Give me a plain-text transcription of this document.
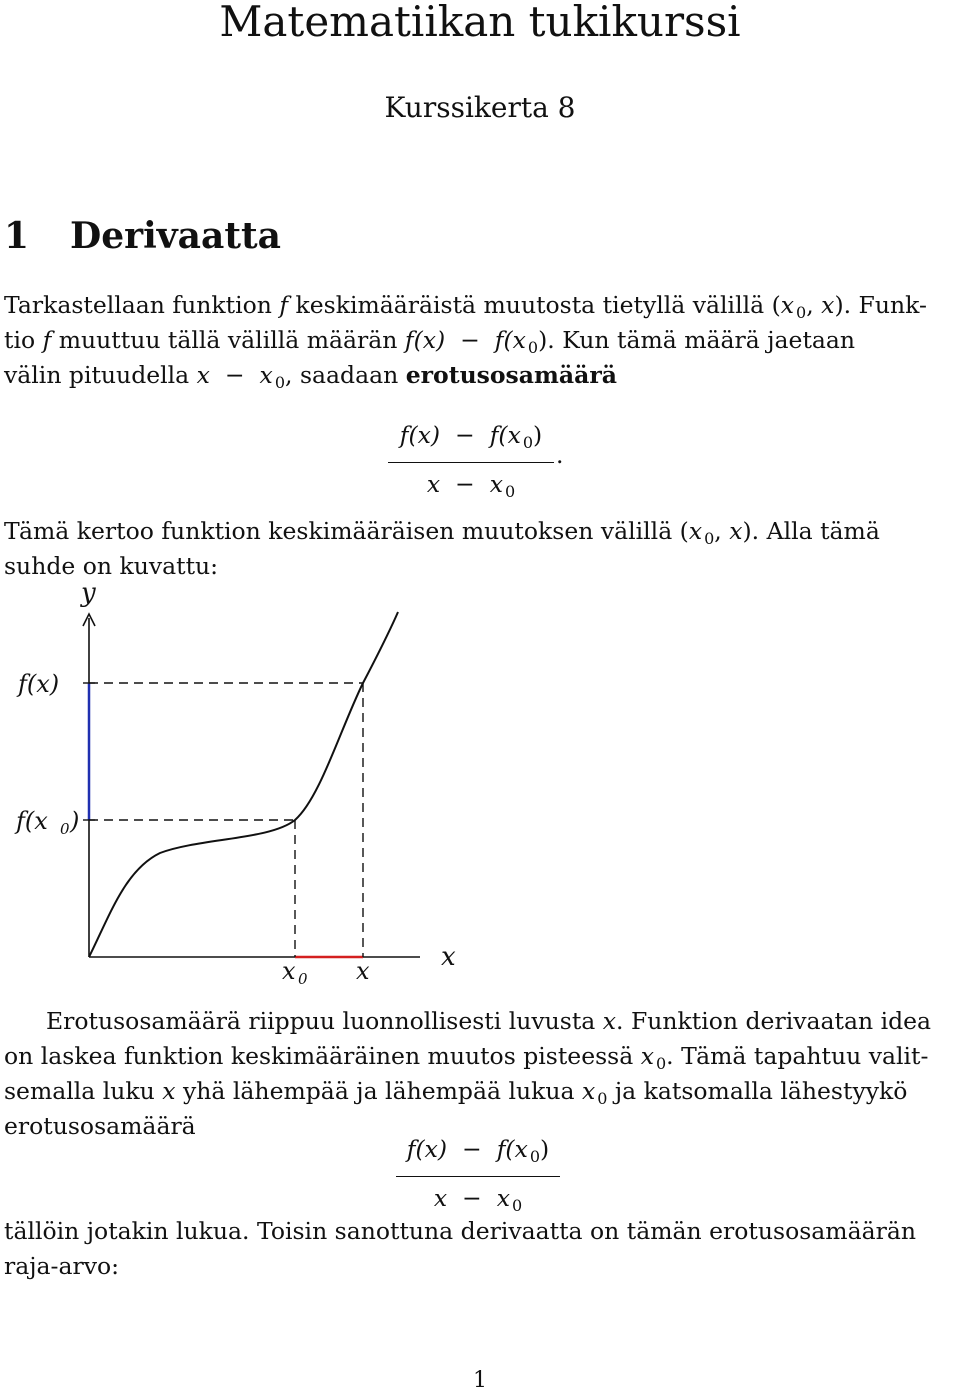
Matematiikan tukikurssi
Kurssikerta 8
1 Derivaatta
Tarkastellaan funktion f keskimääräistä muutosta tietyllä välillä (x $_0$, x). Funk-
tio f muuttuu tällä välillä määrän f(x) − f(x $_0$). Kun tämä määrä jaetaan
välin pituudella x − x $_0$, saadaan erotusosamäärä
$\frac{f(x) - f(x _0)}{x - x _0}$ .
Tämä kertoo funktion keskimääräisen muutoksen välillä (x $_0$, x). Alla tämä
suhde on kuvattu:
y
x
f(x)
f(x 0 )
x 0 x
Erotusosamäärä riippuu luonnollisesti luvusta x. Funktion derivaatan idea
on laskea funktion keskimääräinen muutos pisteessä x $_0$. Tämä tapahtuu valit-
semalla luku x yhä lähempää ja lähempää lukua x $_0$ ja katsomalla lähestyykö
erotusosamäärä
$\frac{f(x) - f(x _0)}{x - x _0}$
tällöin jotakin lukua. Toisin sanottuna derivaatta on tämän erotusosamäärän
raja-arvo:
1
